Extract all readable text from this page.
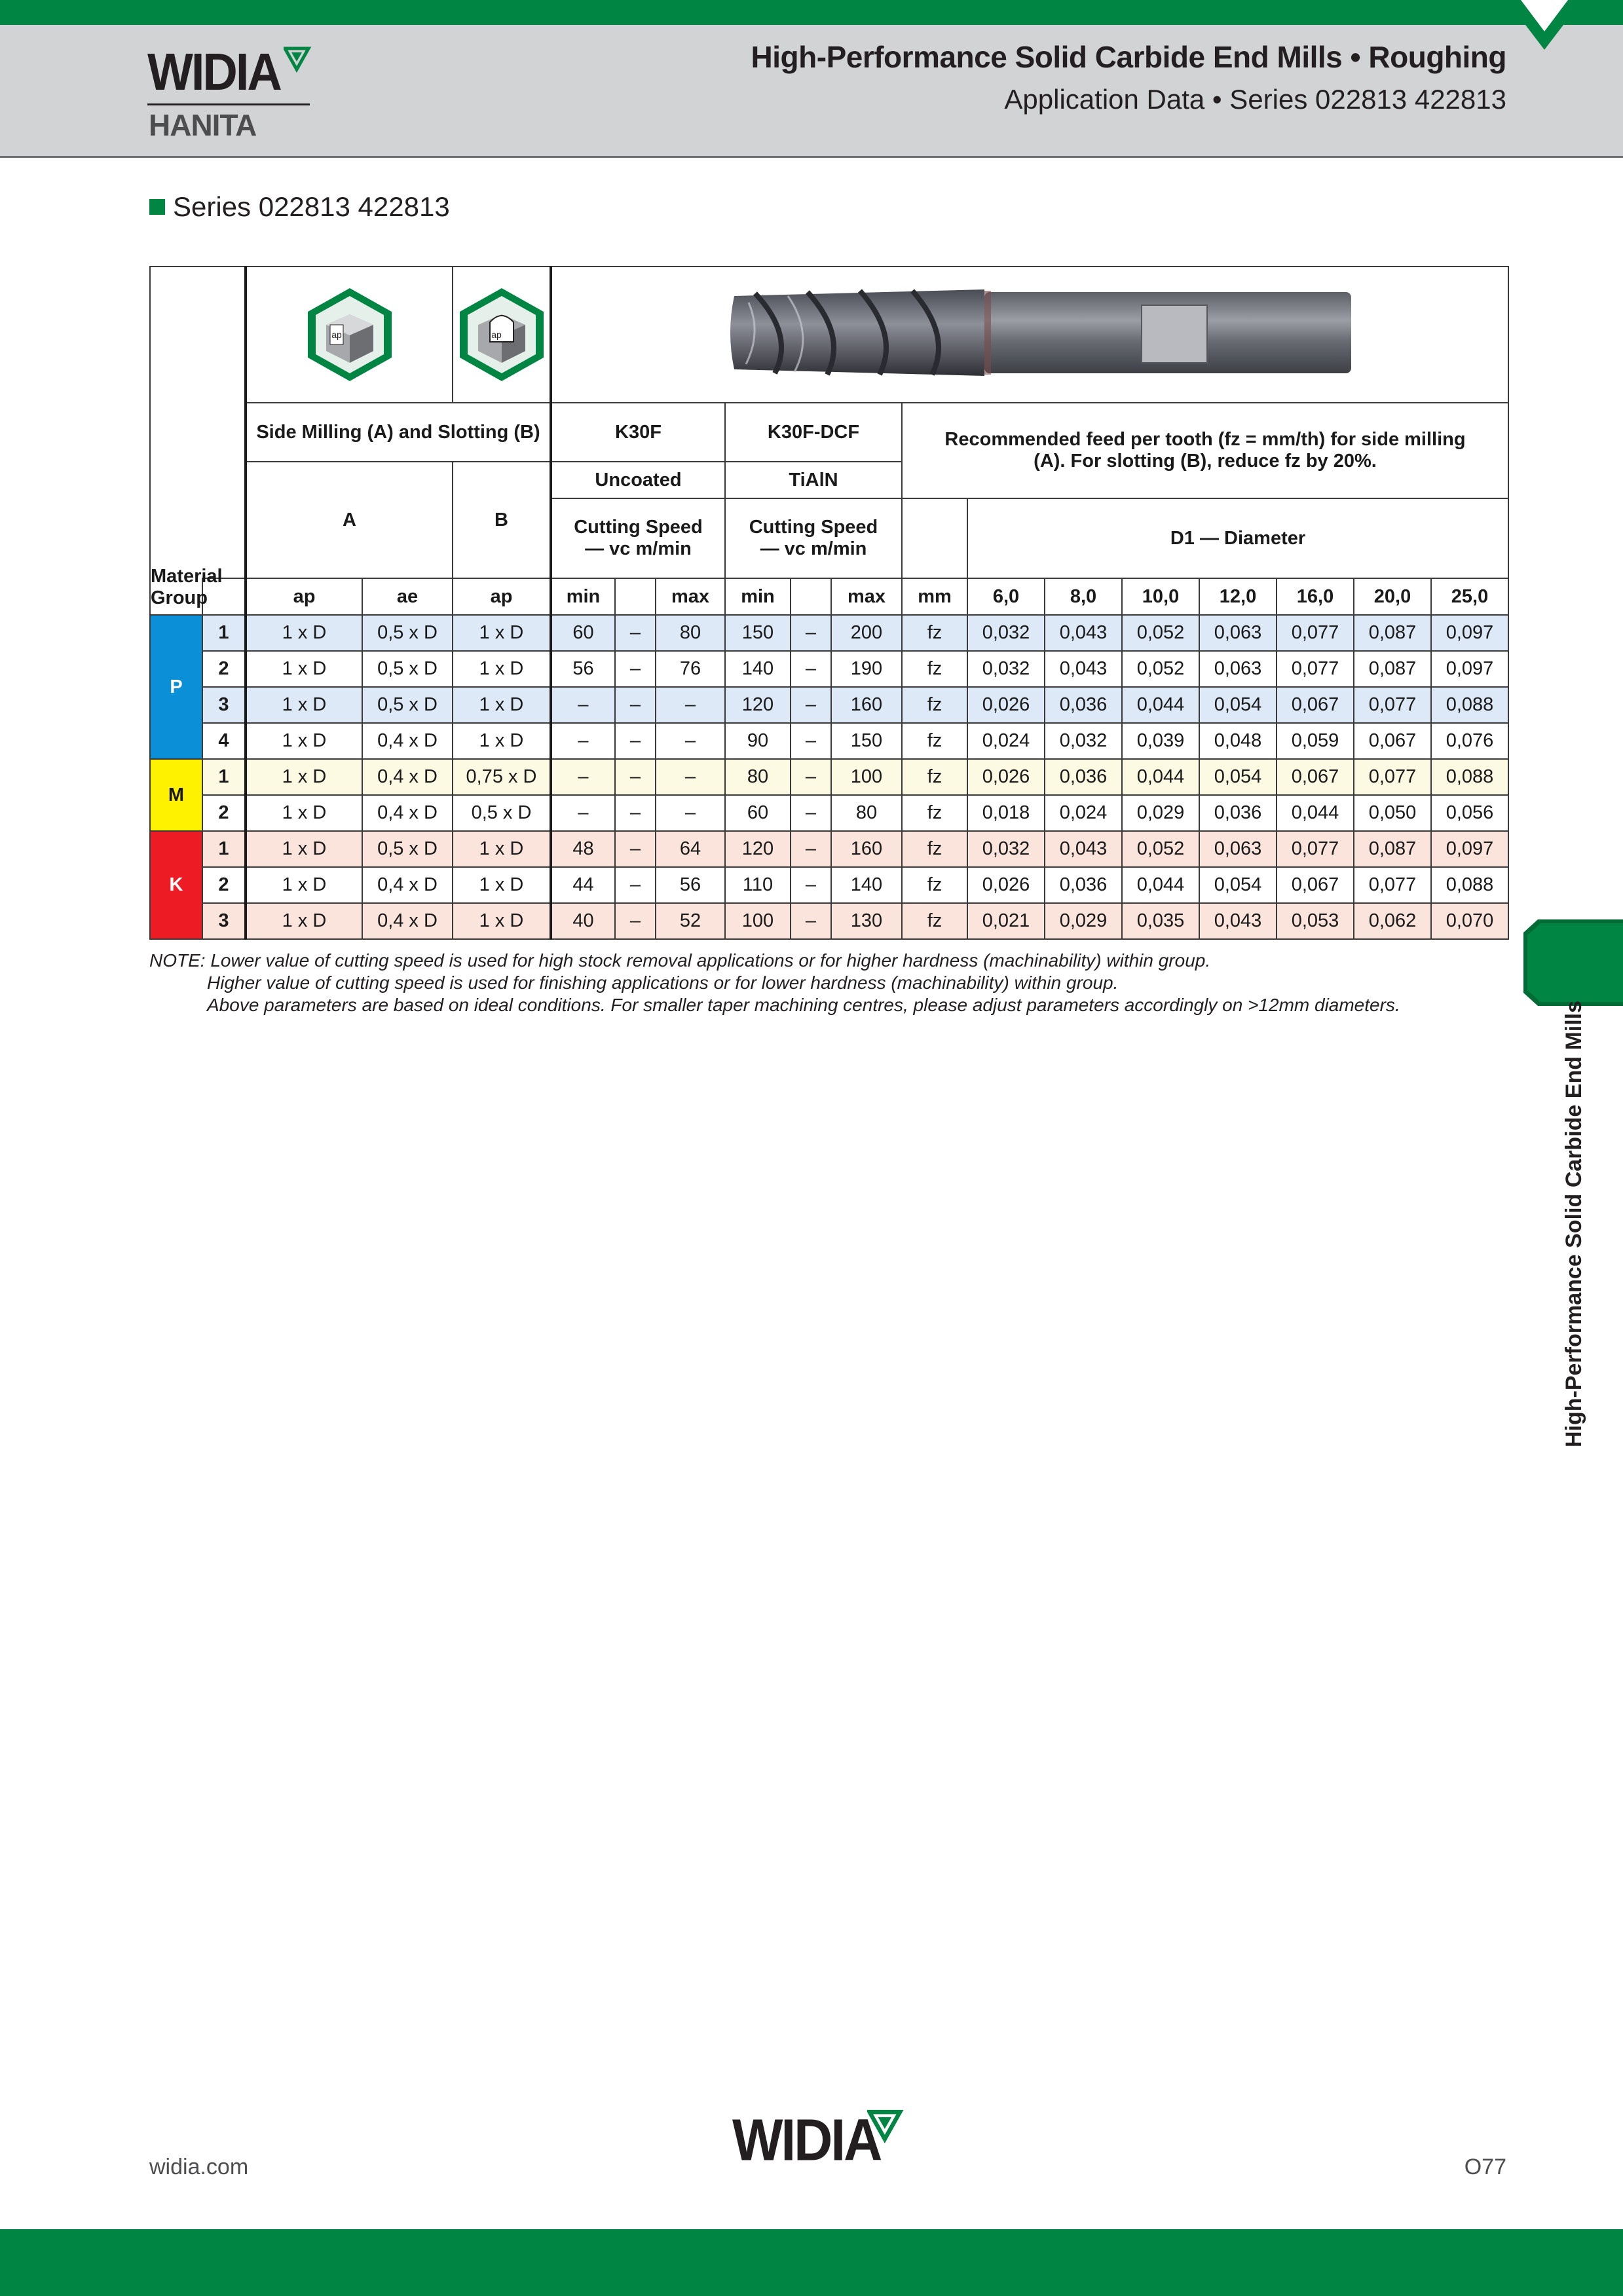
WIDIA
HANITA
High-Performance Solid Carbide End Mills • Roughing
Application Data • Series 022813 422813
Series 022813 422813
Material Group		ap		ap

		Side Milling (A) and Slotting (B)			K30F			K30F-DCF			Recommended feed per tooth (fz = mm/th) for side milling (A). For slotting (B), reduce fz by 20%.							
		A		B	Uncoated			TiAlN										
					Cutting Speed — vc m/min			Cutting Speed — vc m/min				D1 — Diameter						
		ap	ae	ap	min		max	min		max	mm	6,0	8,0	10,0	12,0	16,0	20,0	25,0
P	1	1 x D	0,5 x D	1 x D	60	–	80	150	–	200	fz	0,032	0,043	0,052	0,063	0,077	0,087	0,097
	2	1 x D	0,5 x D	1 x D	56	–	76	140	–	190	fz	0,032	0,043	0,052	0,063	0,077	0,087	0,097
	3	1 x D	0,5 x D	1 x D	–	–	–	120	–	160	fz	0,026	0,036	0,044	0,054	0,067	0,077	0,088
	4	1 x D	0,4 x D	1 x D	–	–	–	90	–	150	fz	0,024	0,032	0,039	0,048	0,059	0,067	0,076
M	1	1 x D	0,4 x D	0,75 x D	–	–	–	80	–	100	fz	0,026	0,036	0,044	0,054	0,067	0,077	0,088
	2	1 x D	0,4 x D	0,5 x D	–	–	–	60	–	80	fz	0,018	0,024	0,029	0,036	0,044	0,050	0,056
K	1	1 x D	0,5 x D	1 x D	48	–	64	120	–	160	fz	0,032	0,043	0,052	0,063	0,077	0,087	0,097
	2	1 x D	0,4 x D	1 x D	44	–	56	110	–	140	fz	0,026	0,036	0,044	0,054	0,067	0,077	0,088
	3	1 x D	0,4 x D	1 x D	40	–	52	100	–	130	fz	0,021	0,029	0,035	0,043	0,053	0,062	0,070
NOTE: Lower value of cutting speed is used for high stock removal applications or for higher hardness (machinability) within group.
Higher value of cutting speed is used for finishing applications or for lower hardness (machinability) within group.
Above parameters are based on ideal conditions. For smaller taper machining centres, please adjust parameters accordingly on >12mm diameters.	High-Performance Solid Carbide End Mills
widia.com	WIDIA	O77
